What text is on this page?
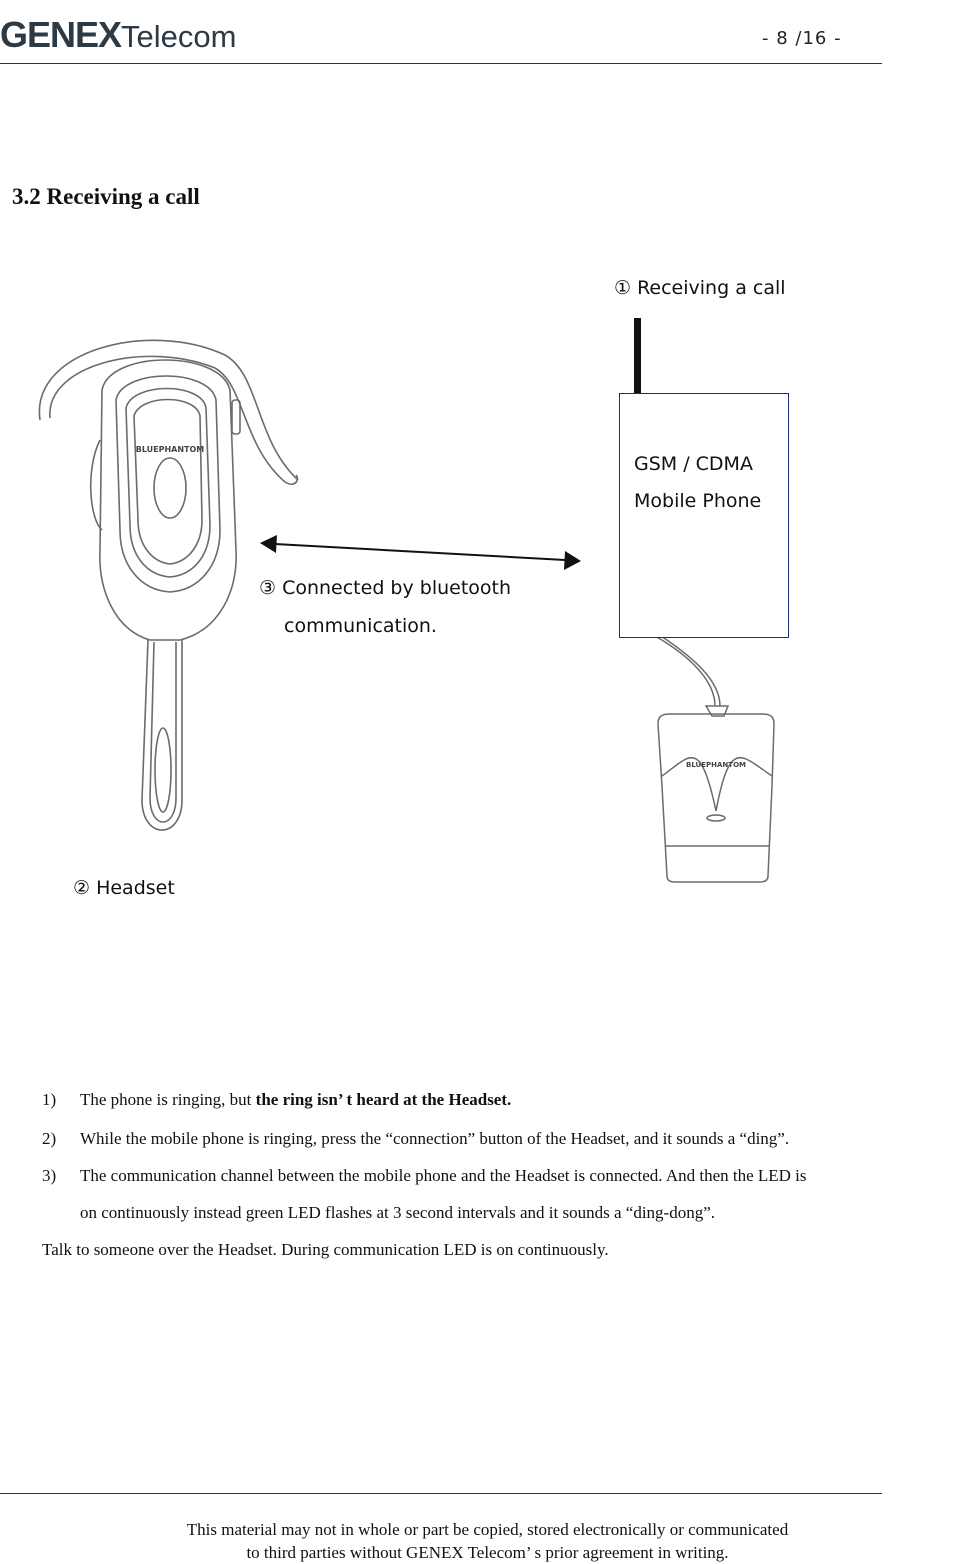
GENEXTelecom	- 8 /16 -
3.2 Receiving a call
BLUEPHANTOM
BLUEPHANTOM
GSM / CDMA
Mobile Phone
① Receiving a call
③ Connected by bluetooth
communication.
② Headset
1) The phone is ringing, but the ring isn’ t heard at the Headset.
2) While the mobile phone is ringing, press the “connection” button of the Headset, and it sounds a “ding”.
3) The communication channel between the mobile phone and the Headset is connected. And then the LED is
on continuously instead green LED flashes at 3 second intervals and it sounds a “ding-dong”.
Talk to someone over the Headset. During communication LED is on continuously.
This material may not in whole or part be copied, stored electronically or communicated
to third parties without GENEX Telecom’ s prior agreement in writing.
